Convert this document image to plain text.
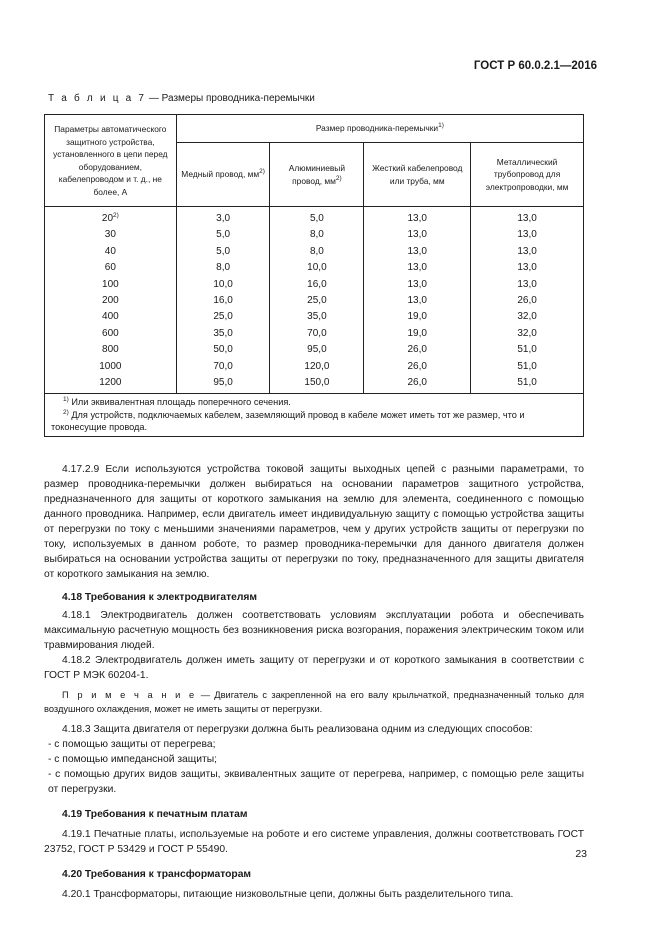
ГОСТ Р 60.0.2.1—2016
Т а б л и ц а 7 — Размеры проводника-перемычки
Параметры автоматического защитного устройства, установленного в цепи перед оборудованием, кабелепроводом и т. д., не более, А	Размер проводника-перемычки$^{1)}$
	Медный провод, $мм^{2)}$	Алюминиевый провод, $мм^{2)}$	Жесткий кабелепровод или труба, мм	Металлический трубопровод для электропроводки, мм
20$^{2)}$	3,0	5,0	13,0	13,0
30	5,0	8,0	13,0	13,0
40	5,0	8,0	13,0	13,0
60	8,0	10,0	13,0	13,0
100	10,0	16,0	13,0	13,0
200	16,0	25,0	13,0	26,0
400	25,0	35,0	19,0	32,0
600	35,0	70,0	19,0	32,0
800	50,0	95,0	26,0	51,0
1000	70,0	120,0	26,0	51,0
1200	95,0	150,0	26,0	51,0

$^{1)}$ Или эквивалентная площадь поперечного сечения.
$^{2)}$ Для устройств, подключаемых кабелем, заземляющий провод в кабеле может иметь тот же размер, что и токонесущие провода.				

4.17.2.9 Если используются устройства токовой защиты выходных цепей с разными параметрами, то размер проводника-перемычки должен выбираться на основании параметров защитного устройства, предназначенного для защиты от короткого замыкания на землю для элемента, соединенного с помощью данного проводника. Например, если двигатель имеет индивидуальную защиту с помощью устройства защиты от перегрузки по току с меньшими значениями параметров, чем у других устройств защиты от перегрузки по току, используемых в данном роботе, то размер проводника-перемычки для данного двигателя должен выбираться на основании устройства защиты от перегрузки по току, предназначенного для защиты двигателя от короткого замыкания на землю.

4.18 Требования к электродвигателям

4.18.1 Электродвигатель должен соответствовать условиям эксплуатации робота и обеспечивать максимальную расчетную мощность без возникновения риска возгорания, поражения электрическим током или травмирования людей.

4.18.2 Электродвигатель должен иметь защиту от перегрузки и от короткого замыкания в соответствии с ГОСТ Р МЭК 60204-1.

П р и м е ч а н и е — Двигатель с закрепленной на его валу крыльчаткой, предназначенный только для воздушного охлаждения, может не иметь защиты от перегрузки.

4.18.3 Защита двигателя от перегрузки должна быть реализована одним из следующих способов:

- с помощью защиты от перегрева;
- с помощью импедансной защиты;
- с помощью других видов защиты, эквивалентных защите от перегрева, например, с помощью реле защиты от перегрузки.

4.19 Требования к печатным платам

4.19.1 Печатные платы, используемые на роботе и его системе управления, должны соответствовать ГОСТ 23752, ГОСТ Р 53429 и ГОСТ Р 55490.

4.20 Требования к трансформаторам

4.20.1 Трансформаторы, питающие низковольтные цепи, должны быть разделительного типа.

23
